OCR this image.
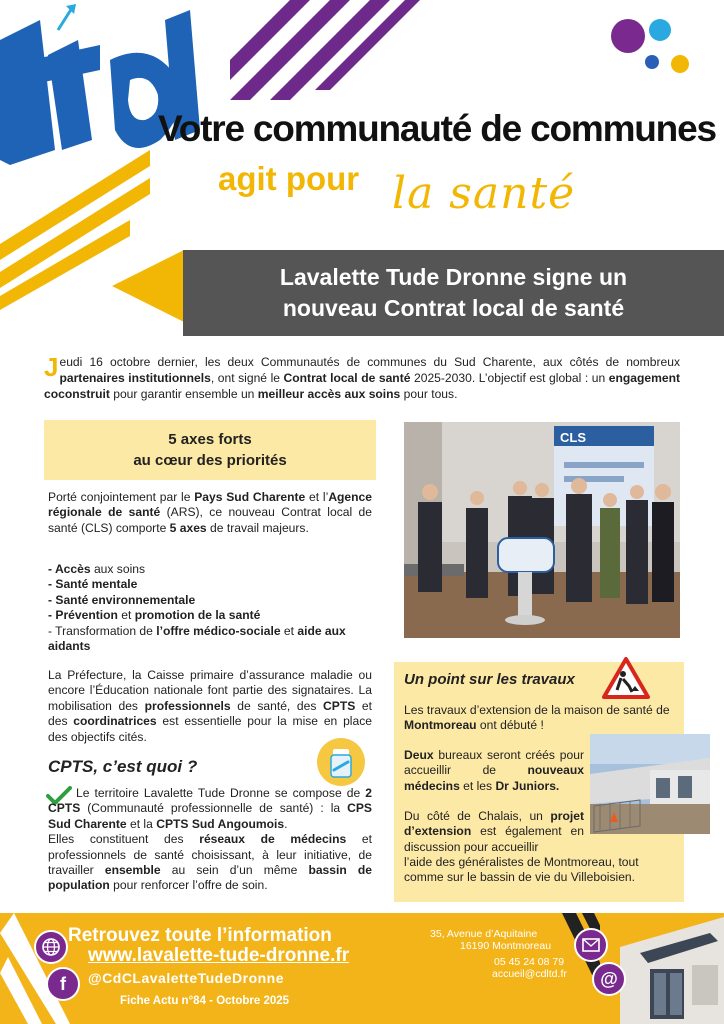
Votre communauté de communes
agit pour la santé
Lavalette Tude Dronne signe un
nouveau Contrat local de santé
Jeudi 16 octobre dernier, les deux Communautés de communes du Sud Charente, aux côtés de nombreux partenaires institutionnels, ont signé le Contrat local de santé 2025-2030. L’objectif est global : un engagement coconstruit pour garantir ensemble un meilleur accès aux soins pour tous.
5 axes forts
au cœur des priorités
Porté conjointement par le Pays Sud Charente et l’Agence régionale de santé (ARS), ce nouveau Contrat local de santé (CLS) comporte 5 axes de travail majeurs.
- Accès aux soins
- Santé mentale
- Santé environnementale
- Prévention et promotion de la santé
- Transformation de l’offre médico-sociale et aide aux aidants
La Préfecture, la Caisse primaire d’assurance maladie ou encore l’Éducation nationale font partie des signataires. La mobilisation des professionnels de santé, des CPTS et des coordinatrices est essentielle pour la mise en place des objectifs cités.
CLS
CPTS, c’est quoi ?
Le territoire Lavalette Tude Dronne se compose de 2 CPTS (Communauté professionnelle de santé) : la CPS Sud Charente et la CPTS Sud Angoumois.
Elles constituent des réseaux de médecins et professionnels de santé choisissant, à leur initiative, de travailler ensemble au sein d’un même bassin de population pour renforcer l’offre de soin.
Un point sur les travaux
Les travaux d’extension de la maison de santé de Montmoreau ont débuté !
Deux bureaux seront créés pour accueillir de nouveaux médecins et les Dr Juniors.
Du côté de Chalais, un projet d’extension est également en discussion pour accueillir
l’aide des généralistes de Montmoreau, tout comme sur le bassin de vie du Villeboisien.
f	@
Retrouvez toute l’information
www.lavalette-tude-dronne.fr
@CdCLavaletteTudeDronne
Fiche Actu n°84 - Octobre 2025
35, Avenue d’Aquitaine
16190 Montmoreau
05 45 24 08 79
accueil@cdltd.fr
